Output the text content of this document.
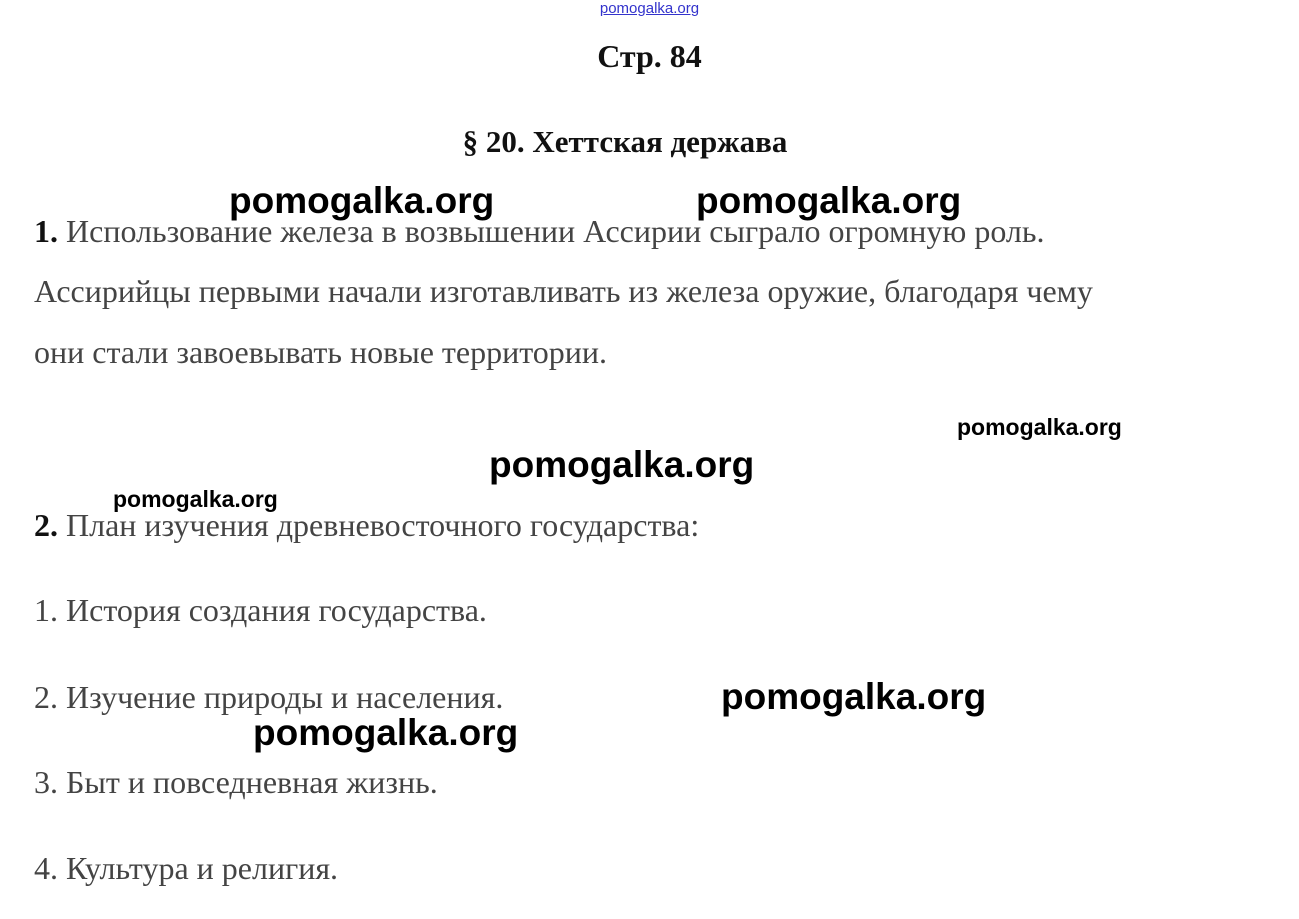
pomogalka.org
Стр. 84
§ 20. Хеттская держава
1. Использование железа в возвышении Ассирии сыграло огромную роль.
Ассирийцы первыми начали изготавливать из железа оружие, благодаря чему
они стали завоевывать новые территории.
2. План изучения древневосточного государства:
1. История создания государства.
2. Изучение природы и населения.
3. Быт и повседневная жизнь.
4. Культура и религия.
pomogalka.org	pomogalka.org
pomogalka.org
pomogalka.org
pomogalka.org
pomogalka.org
pomogalka.org
